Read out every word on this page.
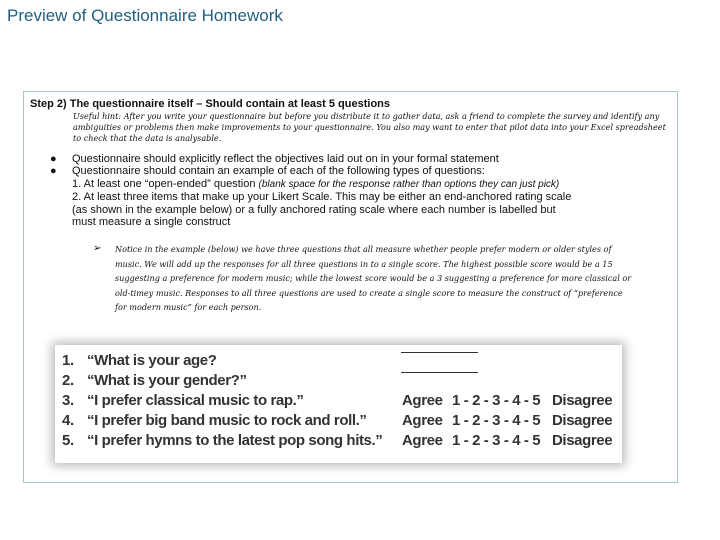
Preview of Questionnaire Homework
Step 2) The questionnaire itself – Should contain at least 5 questions
Useful hint: After you write your questionnaire but before you distribute it to gather data, ask a friend to complete the survey and identify any
ambiguities or problems then make improvements to your questionnaire. You also may want to enter that pilot data into your Excel spreadsheet
to check that the data is analysable.
● Questionnaire should explicitly reflect the objectives laid out on in your formal statement
● Questionnaire should contain an example of each of the following types of questions:
1. At least one “open-ended” question (blank space for the response rather than options they can just pick)
2. At least three items that make up your Likert Scale. This may be either an end-anchored rating scale
(as shown in the example below) or a fully anchored rating scale where each number is labelled but
must measure a single construct
➢ Notice in the example (below) we have three questions that all measure whether people prefer modern or older styles of
music. We will add up the responses for all three questions in to a single score. The highest possible score would be a 15
suggesting a preference for modern music; while the lowest score would be a 3 suggesting a preference for more classical or
old-timey music. Responses to all three questions are used to create a single score to measure the construct of “preference
for modern music” for each person.
1. “What is your age?
2. “What is your gender?”
3. “I prefer classical music to rap.”	Agree 1 - 2 - 3 - 4 - 5 Disagree
4. “I prefer big band music to rock and roll.” Agree 1 - 2 - 3 - 4 - 5 Disagree
5. “I prefer hymns to the latest pop song hits.” Agree 1 - 2 - 3 - 4 - 5 Disagree
